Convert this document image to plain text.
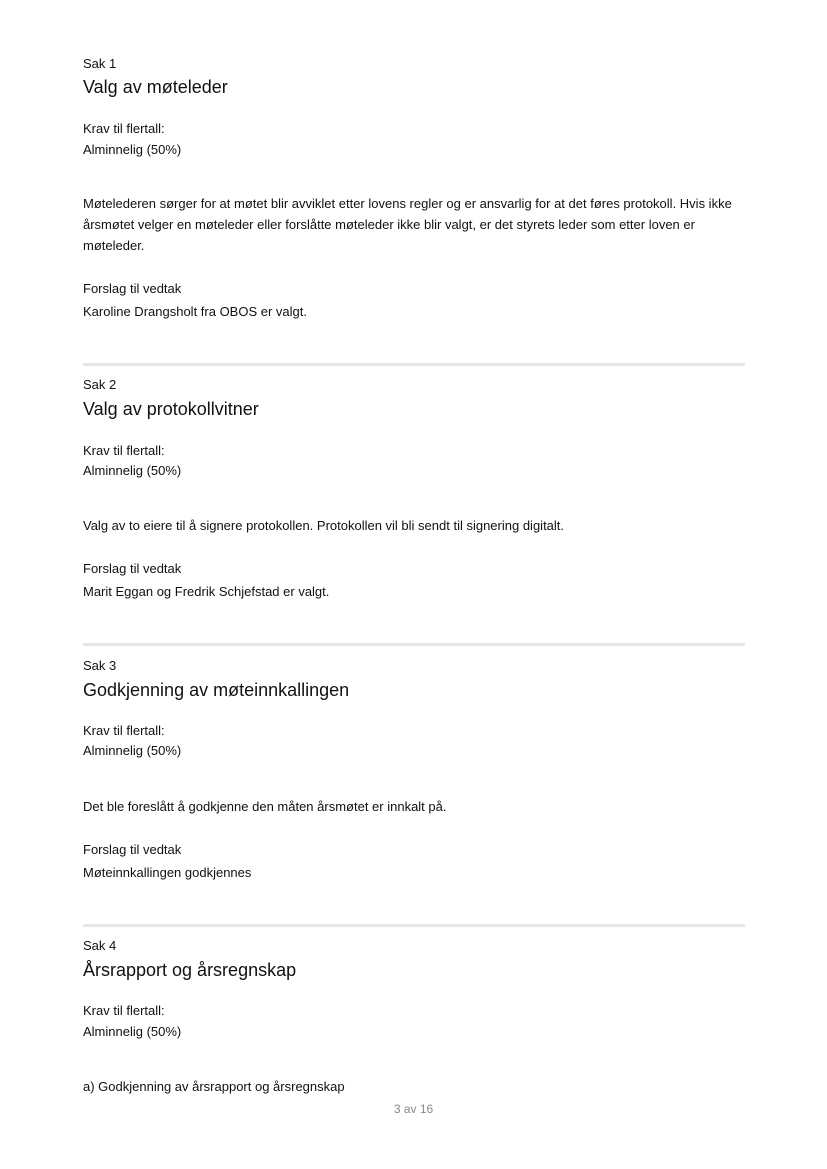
Sak 1
Valg av møteleder
Krav til flertall:
Alminnelig (50%)
Møtelederen sørger for at møtet blir avviklet etter lovens regler og er ansvarlig for at det føres protokoll. Hvis ikke årsmøtet velger en møteleder eller forslåtte møteleder ikke blir valgt, er det styrets leder som etter loven er møteleder.
Forslag til vedtak
Karoline Drangsholt fra OBOS er valgt.
Sak 2
Valg av protokollvitner
Krav til flertall:
Alminnelig (50%)
Valg av to eiere til å signere protokollen. Protokollen vil bli sendt til signering digitalt.
Forslag til vedtak
Marit Eggan og Fredrik Schjefstad er valgt.
Sak 3
Godkjenning av møteinnkallingen
Krav til flertall:
Alminnelig (50%)
Det ble foreslått å godkjenne den måten årsmøtet er innkalt på.
Forslag til vedtak
Møteinnkallingen godkjennes
Sak 4
Årsrapport og årsregnskap
Krav til flertall:
Alminnelig (50%)
a) Godkjenning av årsrapport og årsregnskap
3 av 16
